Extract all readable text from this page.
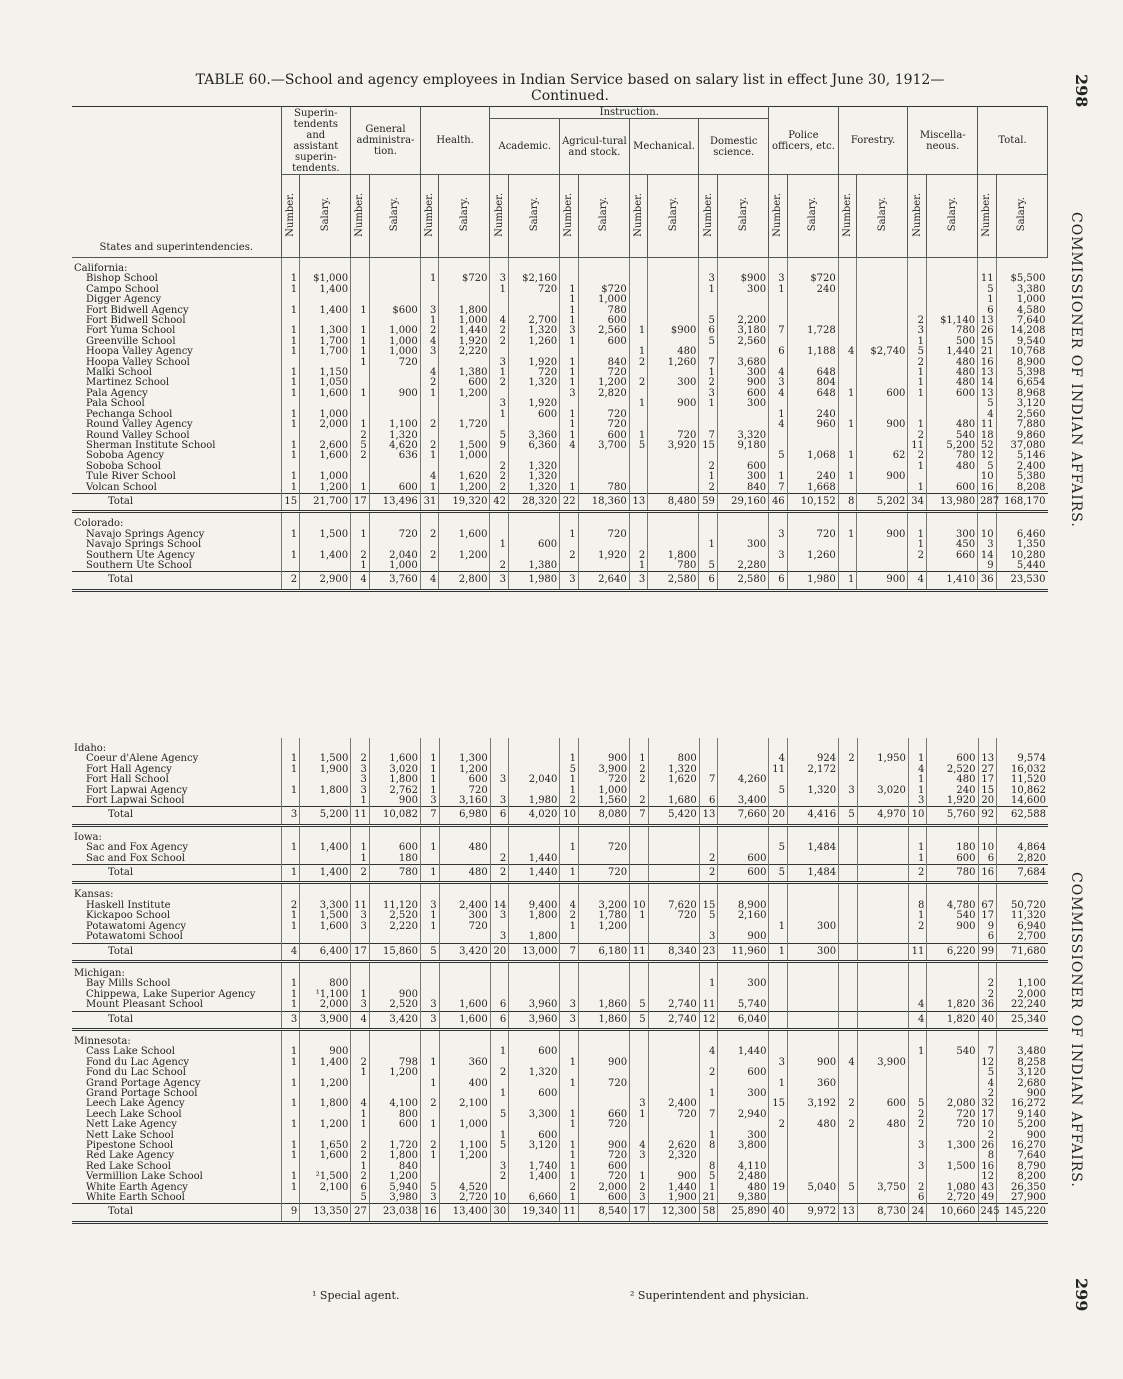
TABLE 60.—School and agency employees in Indian Service based on salary list in effect June 30, 1912—Continued.	298
299
COMMISSIONER OF INDIAN AFFAIRS.
COMMISSIONER OF INDIAN AFFAIRS.
States and superintendencies.	Superin-tendents and assistant superin-tendents.		General administra-tion.		Health.		Instruction.								Police officers, etc.		Forestry.		Miscella-neous.		Total.	
							Academic.		Agricul-tural and stock.		Mechanical.		Domestic science.									
	Number.	Salary.	Number.	Salary.	Number.	Salary.	Number.	Salary.	Number.	Salary.	Number.	Salary.	Number.	Salary.	Number.	Salary.	Number.	Salary.	Number.	Salary.	Number.	Salary.
California:																						
Bishop School	1	$1,000			1	$720	3	$2,160					3	$900	3	$720					11	$5,500
Campo School	1	1,400					1	720	1	$720			1	300	1	240					5	3,380
Digger Agency									1	1,000											1	1,000
Fort Bidwell Agency	1	1,400	1	$600	3	1,800			1	780											6	4,580
Fort Bidwell School					1	1,000	4	2,700	1	600			5	2,200					2	$1,140	13	7,640
Fort Yuma School	1	1,300	1	1,000	2	1,440	2	1,320	3	2,560	1	$900	6	3,180	7	1,728			3	780	26	14,208
Greenville School	1	1,700	1	1,000	4	1,920	2	1,260	1	600			5	2,560					1	500	15	9,540
Hoopa Valley Agency	1	1,700	1	1,000	3	2,220					1	480			6	1,188	4	$2,740	5	1,440	21	10,768
Hoopa Valley School			1	720			3	1,920	1	840	2	1,260	7	3,680					2	480	16	8,900
Malki School	1	1,150			4	1,380	1	720	1	720			1	300	4	648			1	480	13	5,398
Martinez School	1	1,050			2	600	2	1,320	1	1,200	2	300	2	900	3	804			1	480	14	6,654
Pala Agency	1	1,600	1	900	1	1,200			3	2,820			3	600	4	648	1	600	1	600	13	8,968
Pala School							3	1,920			1	900	1	300							5	3,120
Pechanga School	1	1,000					1	600	1	720					1	240					4	2,560
Round Valley Agency	1	2,000	1	1,100	2	1,720			1	720					4	960	1	900	1	480	11	7,880
Round Valley School			2	1,320			5	3,360	1	600	1	720	7	3,320					2	540	18	9,860
Sherman Institute School	1	2,600	5	4,620	2	1,500	9	6,360	4	3,700	5	3,920	15	9,180					11	5,200	52	37,080
Soboba Agency	1	1,600	2	636	1	1,000									5	1,068	1	62	2	780	12	5,146
Soboba School							2	1,320					2	600					1	480	5	2,400
Tule River School	1	1,000			4	1,620	2	1,320					1	300	1	240	1	900			10	5,380
Volcan School	1	1,200	1	600	1	1,200	2	1,320	1	780			2	840	7	1,668			1	600	16	8,208
Total	15	21,700	17	13,496	31	19,320	42	28,320	22	18,360	13	8,480	59	29,160	46	10,152	8	5,202	34	13,980	287	168,170
Colorado:																						
Navajo Springs Agency	1	1,500	1	720	2	1,600			1	720					3	720	1	900	1	300	10	6,460
Navajo Springs School							1	600					1	300					1	450	3	1,350
Southern Ute Agency	1	1,400	2	2,040	2	1,200			2	1,920	2	1,800			3	1,260			2	660	14	10,280
Southern Ute School			1	1,000			2	1,380			1	780	5	2,280							9	5,440
Total	2	2,900	4	3,760	4	2,800	3	1,980	3	2,640	3	2,580	6	2,580	6	1,980	1	900	4	1,410	36	23,530
Idaho:																						
Coeur d'Alene Agency	1	1,500	2	1,600	1	1,300			1	900	1	800			4	924	2	1,950	1	600	13	9,574
Fort Hall Agency	1	1,900	3	3,020	1	1,200			5	3,900	2	1,320			11	2,172			4	2,520	27	16,032
Fort Hall School			3	1,800	1	600	3	2,040	1	720	2	1,620	7	4,260					1	480	17	11,520
Fort Lapwai Agency	1	1,800	3	2,762	1	720			1	1,000					5	1,320	3	3,020	1	240	15	10,862
Fort Lapwai School			1	900	3	3,160	3	1,980	2	1,560	2	1,680	6	3,400					3	1,920	20	14,600
Total	3	5,200	11	10,082	7	6,980	6	4,020	10	8,080	7	5,420	13	7,660	20	4,416	5	4,970	10	5,760	92	62,588
Iowa:																						
Sac and Fox Agency	1	1,400	1	600	1	480			1	720					5	1,484			1	180	10	4,864
Sac and Fox School			1	180			2	1,440					2	600					1	600	6	2,820
Total	1	1,400	2	780	1	480	2	1,440	1	720			2	600	5	1,484			2	780	16	7,684
Kansas:																						
Haskell Institute	2	3,300	11	11,120	3	2,400	14	9,400	4	3,200	10	7,620	15	8,900					8	4,780	67	50,720
Kickapoo School	1	1,500	3	2,520	1	300	3	1,800	2	1,780	1	720	5	2,160					1	540	17	11,320
Potawatomi Agency	1	1,600	3	2,220	1	720			1	1,200					1	300			2	900	9	6,940
Potawatomi School							3	1,800					3	900							6	2,700
Total	4	6,400	17	15,860	5	3,420	20	13,000	7	6,180	11	8,340	23	11,960	1	300			11	6,220	99	71,680
Michigan:																						
Bay Mills School	1	800											1	300							2	1,100
Chippewa, Lake Superior Agency	1	¹1,100	1	900																	2	2,000
Mount Pleasant School	1	2,000	3	2,520	3	1,600	6	3,960	3	1,860	5	2,740	11	5,740					4	1,820	36	22,240
Total	3	3,900	4	3,420	3	1,600	6	3,960	3	1,860	5	2,740	12	6,040					4	1,820	40	25,340
Minnesota:																						
Cass Lake School	1	900					1	600					4	1,440					1	540	7	3,480
Fond du Lac Agency	1	1,400	2	798	1	360			1	900					3	900	4	3,900			12	8,258
Fond du Lac School			1	1,200			2	1,320					2	600							5	3,120
Grand Portage Agency	1	1,200			1	400			1	720					1	360					4	2,680
Grand Portage School							1	600					1	300							2	900
Leech Lake Agency	1	1,800	4	4,100	2	2,100					3	2,400			15	3,192	2	600	5	2,080	32	16,272
Leech Lake School			1	800			5	3,300	1	660	1	720	7	2,940					2	720	17	9,140
Nett Lake Agency	1	1,200	1	600	1	1,000			1	720					2	480	2	480	2	720	10	5,200
Nett Lake School							1	600					1	300							2	900
Pipestone School	1	1,650	2	1,720	2	1,100	5	3,120	1	900	4	2,620	8	3,800					3	1,300	26	16,270
Red Lake Agency	1	1,600	2	1,800	1	1,200			1	720	3	2,320									8	7,640
Red Lake School			1	840			3	1,740	1	600			8	4,110					3	1,500	16	8,790
Vermillion Lake School	1	²1,500	2	1,200			2	1,400	1	720	1	900	5	2,480							12	8,200
White Earth Agency	1	2,100	6	5,940	5	4,520			2	2,000	2	1,440	1	480	19	5,040	5	3,750	2	1,080	43	26,350
White Earth School			5	3,980	3	2,720	10	6,660	1	600	3	1,900	21	9,380					6	2,720	49	27,900
Total	9	13,350	27	23,038	16	13,400	30	19,340	11	8,540	17	12,300	58	25,890	40	9,972	13	8,730	24	10,660	245	145,220
¹ Special agent.	² Superintendent and physician.
